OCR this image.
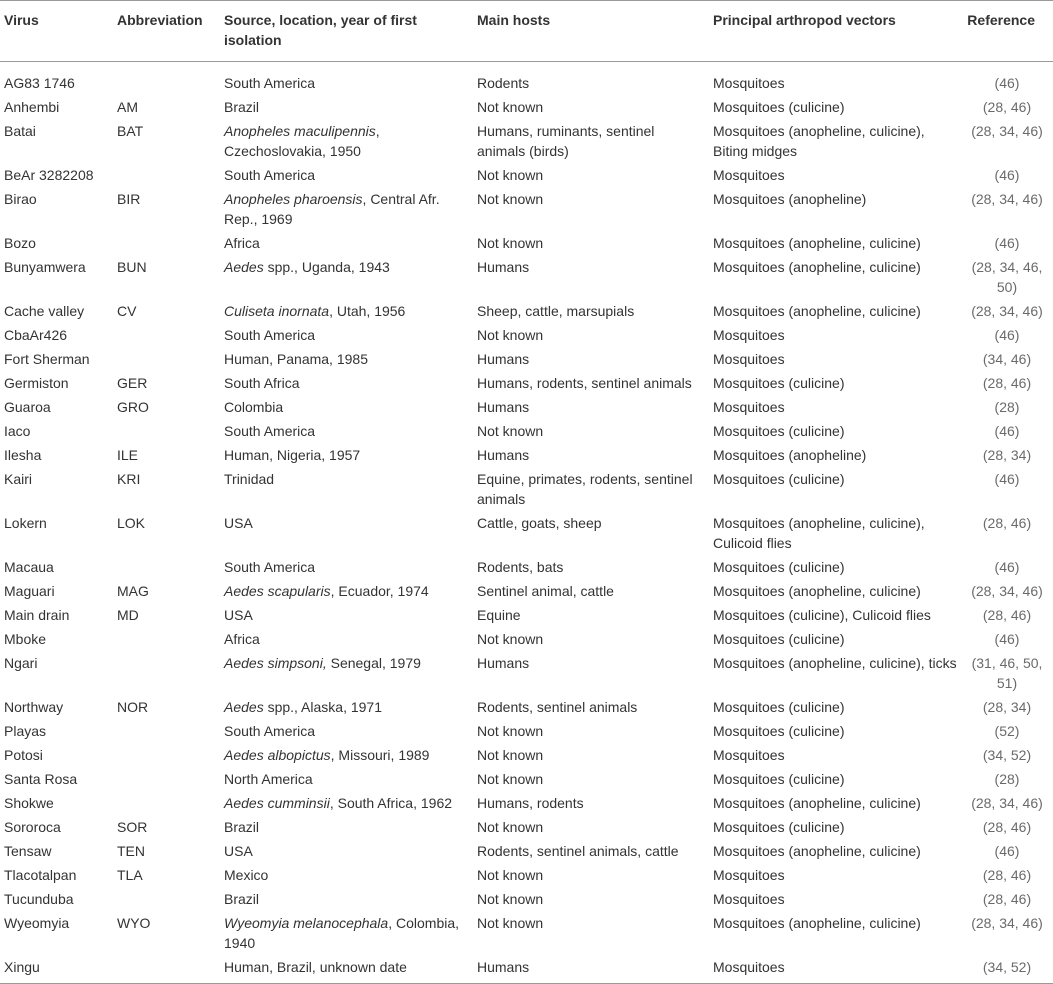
Virus	Abbreviation	Source, location, year of first isolation	Main hosts	Principal arthropod vectors	Reference
AG83 1746		South America	Rodents	Mosquitoes	(46)
Anhembi	AM	Brazil	Not known	Mosquitoes (culicine)	(28, 46)
Batai	BAT	Anopheles maculipennis, Czechoslovakia, 1950	Humans, ruminants, sentinel animals (birds)	Mosquitoes (anopheline, culicine), Biting midges	(28, 34, 46)
BeAr 3282208		South America	Not known	Mosquitoes	(46)
Birao	BIR	Anopheles pharoensis, Central Afr. Rep., 1969	Not known	Mosquitoes (anopheline)	(28, 34, 46)
Bozo		Africa	Not known	Mosquitoes (anopheline, culicine)	(46)
Bunyamwera	BUN	Aedes spp., Uganda, 1943	Humans	Mosquitoes (anopheline, culicine)	(28, 34, 46, 50)
Cache valley	CV	Culiseta inornata, Utah, 1956	Sheep, cattle, marsupials	Mosquitoes (anopheline, culicine)	(28, 34, 46)
CbaAr426		South America	Not known	Mosquitoes	(46)
Fort Sherman		Human, Panama, 1985	Humans	Mosquitoes	(34, 46)
Germiston	GER	South Africa	Humans, rodents, sentinel animals	Mosquitoes (culicine)	(28, 46)
Guaroa	GRO	Colombia	Humans	Mosquitoes	(28)
Iaco		South America	Not known	Mosquitoes (culicine)	(46)
Ilesha	ILE	Human, Nigeria, 1957	Humans	Mosquitoes (anopheline)	(28, 34)
Kairi	KRI	Trinidad	Equine, primates, rodents, sentinel animals	Mosquitoes (culicine)	(46)
Lokern	LOK	USA	Cattle, goats, sheep	Mosquitoes (anopheline, culicine), Culicoid flies	(28, 46)
Macaua		South America	Rodents, bats	Mosquitoes (culicine)	(46)
Maguari	MAG	Aedes scapularis, Ecuador, 1974	Sentinel animal, cattle	Mosquitoes (anopheline, culicine)	(28, 34, 46)
Main drain	MD	USA	Equine	Mosquitoes (culicine), Culicoid flies	(28, 46)
Mboke		Africa	Not known	Mosquitoes (culicine)	(46)
Ngari		Aedes simpsoni, Senegal, 1979	Humans	Mosquitoes (anopheline, culicine), ticks	(31, 46, 50, 51)
Northway	NOR	Aedes spp., Alaska, 1971	Rodents, sentinel animals	Mosquitoes (culicine)	(28, 34)
Playas		South America	Not known	Mosquitoes (culicine)	(52)
Potosi		Aedes albopictus, Missouri, 1989	Not known	Mosquitoes	(34, 52)
Santa Rosa		North America	Not known	Mosquitoes (culicine)	(28)
Shokwe		Aedes cumminsii, South Africa, 1962	Humans, rodents	Mosquitoes (anopheline, culicine)	(28, 34, 46)
Sororoca	SOR	Brazil	Not known	Mosquitoes (culicine)	(28, 46)
Tensaw	TEN	USA	Rodents, sentinel animals, cattle	Mosquitoes (anopheline, culicine)	(46)
Tlacotalpan	TLA	Mexico	Not known	Mosquitoes	(28, 46)
Tucunduba		Brazil	Not known	Mosquitoes	(28, 46)
Wyeomyia	WYO	Wyeomyia melanocephala, Colombia, 1940	Not known	Mosquitoes (anopheline, culicine)	(28, 34, 46)
Xingu		Human, Brazil, unknown date	Humans	Mosquitoes	(34, 52)
